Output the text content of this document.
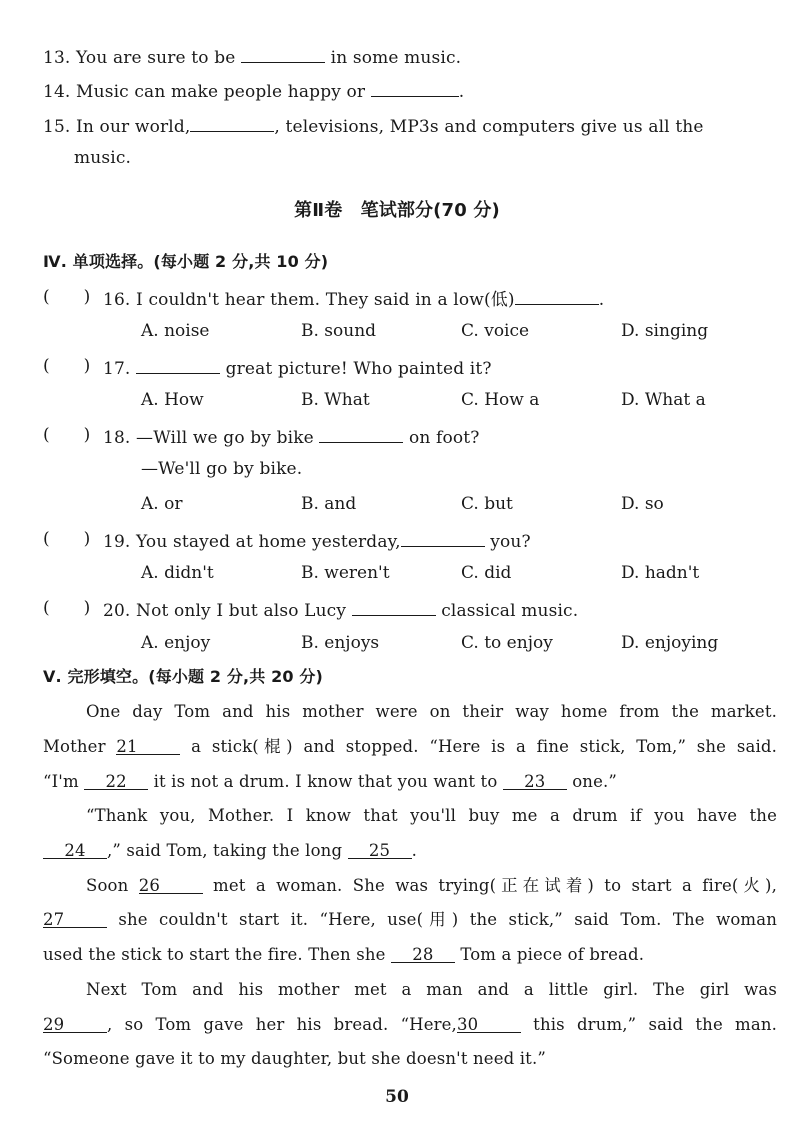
13. You are sure to be	in some music.
14. Music can make people happy or	.
15. In our world,	, televisions, MP3s and computers give us all the
music.
第Ⅱ卷　笔试部分(70 分)
Ⅳ. 单项选择。(每小题 2 分,共 10 分)
(　　) 16. I couldn't hear them. They said in a low(低)	.
A. noise	B. sound	C. voice	D. singing
(　　) 17.	great picture! Who painted it?
A. How	B. What	C. How a	D. What a
(　　) 18. —Will we go by bike	on foot?
—We'll go by bike.
A. or	B. and	C. but	D. so
(　　) 19. You stayed at home yesterday,	you?
A. didn't	B. weren't	C. did	D. hadn't
(　　) 20. Not only I but also Lucy	classical music.
A. enjoy	B. enjoys	C. to enjoy	D. enjoying
Ⅴ. 完形填空。(每小题 2 分,共 20 分)
One day Tom and his mother were on their way home from the market.
Mother 21	a stick(棍) and stopped. “Here is a fine stick, Tom,” she said.
“I'm 22 it is not a drum. I know that you want to 23 one.”
“Thank you, Mother. I know that you'll buy me a drum if you have the
24 ,” said Tom, taking the long 25 .
Soon 26	met a woman. She was trying(正在试着) to start a fire(火),
27	she couldn't start it. “Here, use(用) the stick,” said Tom. The woman
used the stick to start the fire. Then she 28 Tom a piece of bread.
Next Tom and his mother met a man and a little girl. The girl was
29	, so Tom gave her his bread. “Here,30	this drum,” said the man.
“Someone gave it to my daughter, but she doesn't need it.”
50
